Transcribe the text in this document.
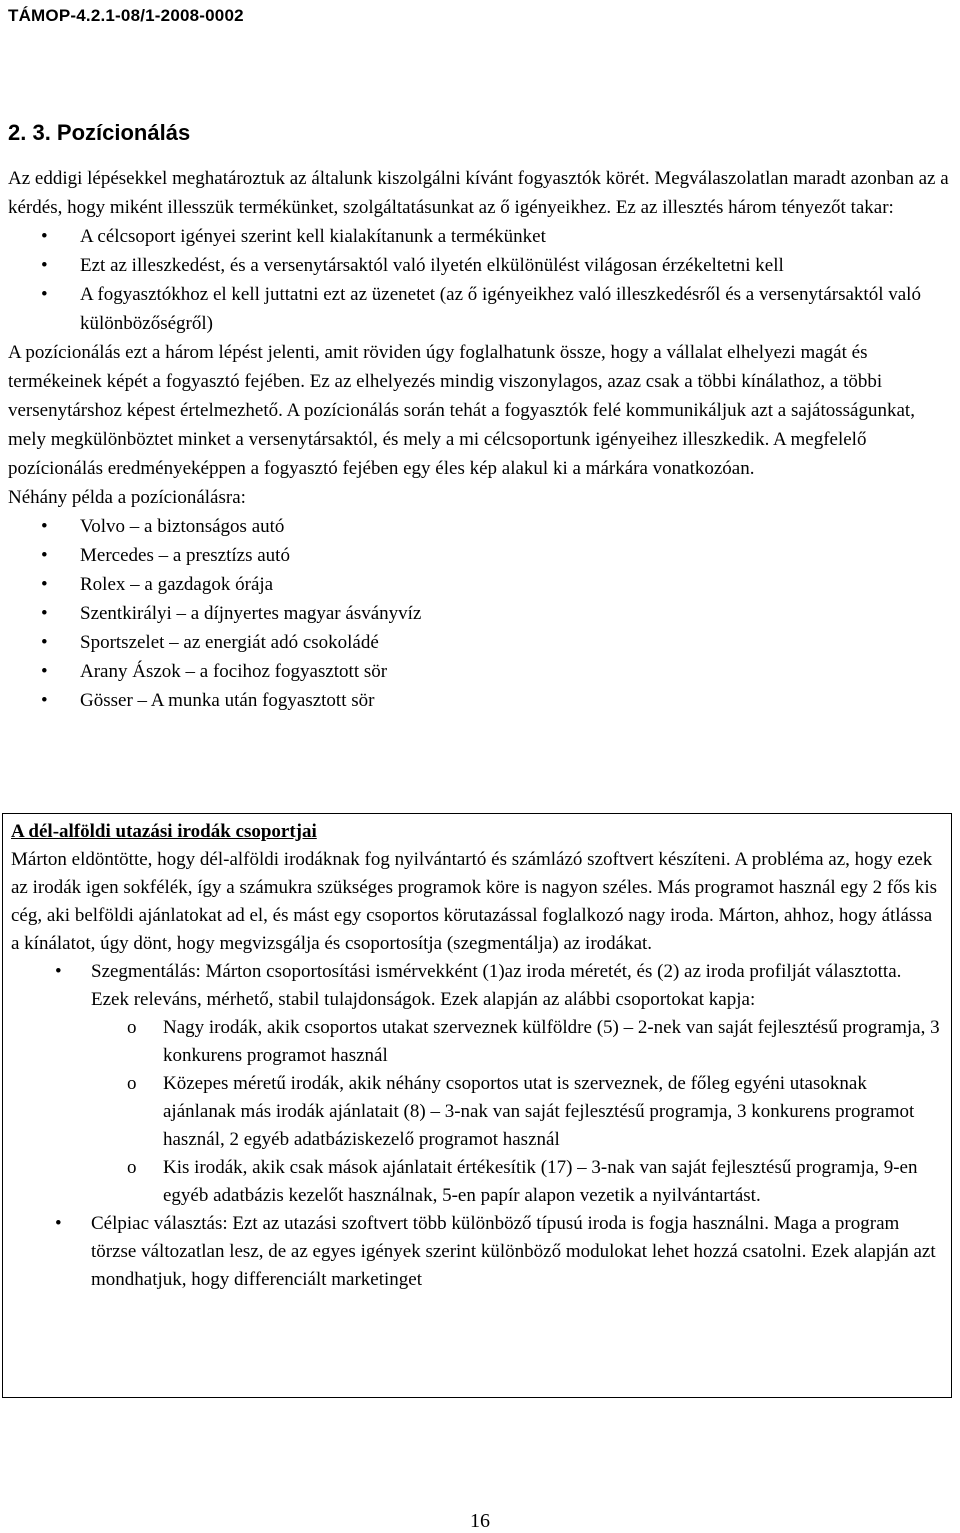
TÁMOP-4.2.1-08/1-2008-0002
2. 3. Pozícionálás

Az eddigi lépésekkel meghatároztuk az általunk kiszolgálni kívánt fogyasztók körét. Megválaszolatlan maradt azonban az a kérdés, hogy miként illesszük termékünket, szolgáltatásunkat az ő igényeikhez. Ez az illesztés három tényezőt takar:

• A célcsoport igényei szerint kell kialakítanunk a termékünket
• Ezt az illeszkedést, és a versenytársaktól való ilyetén elkülönülést világosan érzékeltetni kell
• A fogyasztókhoz el kell juttatni ezt az üzenetet (az ő igényeikhez való illeszkedésről és a versenytársaktól való különbözőségről)

A pozícionálás ezt a három lépést jelenti, amit röviden úgy foglalhatunk össze, hogy a vállalat elhelyezi magát és termékeinek képét a fogyasztó fejében. Ez az elhelyezés mindig viszonylagos, azaz csak a többi kínálathoz, a többi versenytárshoz képest értelmezhető. A pozícionálás során tehát a fogyasztók felé kommunikáljuk azt a sajátosságunkat, mely megkülönböztet minket a versenytársaktól, és mely a mi célcsoportunk igényeihez illeszkedik. A megfelelő pozícionálás eredményeképpen a fogyasztó fejében egy éles kép alakul ki a márkára vonatkozóan.

Néhány példa a pozícionálásra:

• Volvo – a biztonságos autó
• Mercedes – a presztízs autó
• Rolex – a gazdagok órája
• Szentkirályi – a díjnyertes magyar ásványvíz
• Sportszelet – az energiát adó csokoládé
• Arany Ászok – a focihoz fogyasztott sör
• Gösser – A munka után fogyasztott sör
A dél-alföldi utazási irodák csoportjai

Márton eldöntötte, hogy dél-alföldi irodáknak fog nyilvántartó és számlázó szoftvert készíteni. A probléma az, hogy ezek az irodák igen sokfélék, így a számukra szükséges programok köre is nagyon széles. Más programot használ egy 2 fős kis cég, aki belföldi ajánlatokat ad el, és mást egy csoportos körutazással foglalkozó nagy iroda. Márton, ahhoz, hogy átlássa a kínálatot, úgy dönt, hogy megvizsgálja és csoportosítja (szegmentálja) az irodákat.

• Szegmentálás: Márton csoportosítási ismérvekként (1)az iroda méretét, és (2) az iroda profilját választotta. Ezek releváns, mérhető, stabil tulajdonságok. Ezek alapján az alábbi csoportokat kapja:
o Nagy irodák, akik csoportos utakat szerveznek külföldre (5) – 2-nek van saját fejlesztésű programja, 3 konkurens programot használ
o Közepes méretű irodák, akik néhány csoportos utat is szerveznek, de főleg egyéni utasoknak ajánlanak más irodák ajánlatait (8) – 3-nak van saját fejlesztésű programja, 3 konkurens programot használ, 2 egyéb adatbáziskezelő programot használ
o Kis irodák, akik csak mások ajánlatait értékesítik (17) – 3-nak van saját fejlesztésű programja, 9-en egyéb adatbázis kezelőt használnak, 5-en papír alapon vezetik a nyilvántartást.
• Célpiac választás: Ezt az utazási szoftvert több különböző típusú iroda is fogja használni. Maga a program törzse változatlan lesz, de az egyes igények szerint különböző modulokat lehet hozzá csatolni. Ezek alapján azt mondhatjuk, hogy differenciált marketinget
16
